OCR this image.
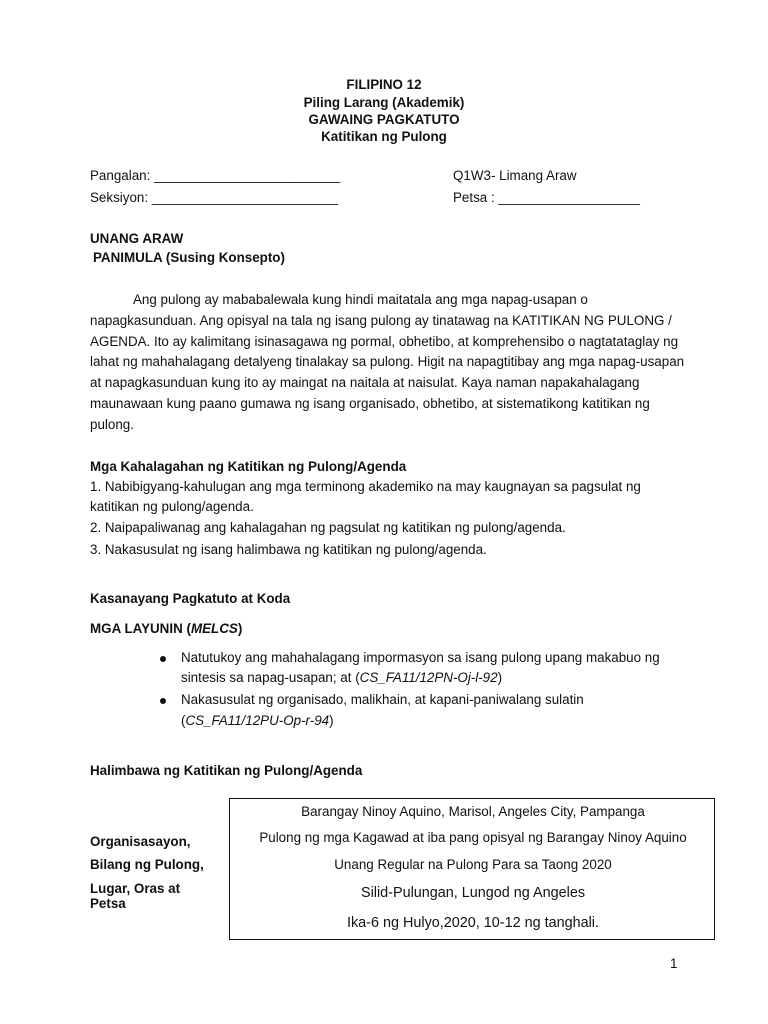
FILIPINO 12
Piling Larang (Akademik)
GAWAING PAGKATUTO
Katitikan ng Pulong
Pangalan: _________________________
Seksiyon: _________________________
Q1W3- Limang Araw
Petsa : ___________________
UNANG ARAW
PANIMULA (Susing Konsepto)
Ang pulong ay mababalewala kung hindi maitatala ang mga napag-usapan o napagkasunduan. Ang opisyal na tala ng isang pulong ay tinatawag na KATITIKAN NG PULONG / AGENDA. Ito ay kalimitang isinasagawa ng pormal, obhetibo, at komprehensibo o nagtatataglay ng lahat ng mahahalagang detalyeng tinalakay sa pulong. Higit na napagtitibay ang mga napag-usapan at napagkasunduan kung ito ay maingat na naitala at naisulat. Kaya naman napakahalagang maunawaan kung paano gumawa ng isang organisado, obhetibo, at sistematikong katitikan ng pulong.
Mga Kahalagahan ng Katitikan ng Pulong/Agenda
1. Nabibigyang-kahulugan ang mga terminong akademiko na may kaugnayan sa pagsulat ng
katitikan ng pulong/agenda.
2. Naipapaliwanag ang kahalagahan ng pagsulat ng katitikan ng pulong/agenda.
3. Nakasusulat ng isang halimbawa ng katitikan ng pulong/agenda.
Kasanayang Pagkatuto at Koda
MGA LAYUNIN (MELCS)
Natutukoy ang mahahalagang impormasyon sa isang pulong upang makabuo ng
sintesis sa napag-usapan; at (CS_FA11/12PN-Oj-l-92)
Nakasusulat ng organisado, malikhain, at kapani-paniwalang sulatin
(CS_FA11/12PU-Op-r-94)
Halimbawa ng Katitikan ng Pulong/Agenda
Organisasayon,
Bilang ng Pulong,
Lugar, Oras at
Petsa
Barangay Ninoy Aquino, Marisol, Angeles City, Pampanga
Pulong ng mga Kagawad at iba pang opisyal ng Barangay Ninoy Aquino
Unang Regular na Pulong Para sa Taong 2020
Silid-Pulungan, Lungod ng Angeles
Ika-6 ng Hulyo,2020, 10-12 ng tanghali.
1
